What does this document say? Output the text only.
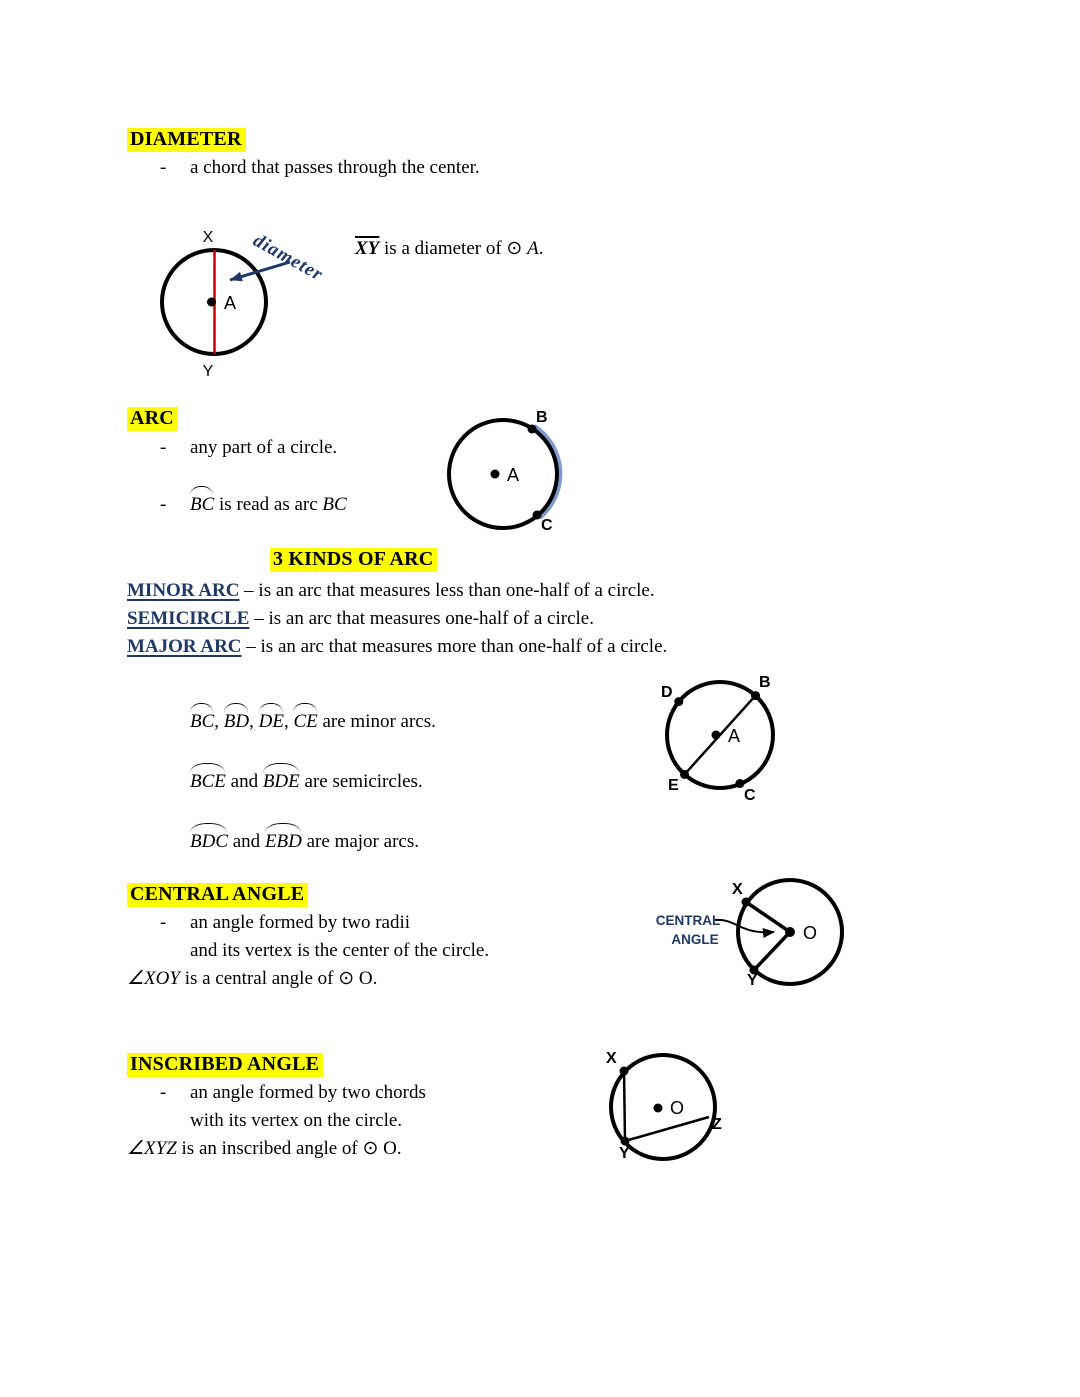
DIAMETER
- a chord that passes through the center.
X
Y
A
diameter $\overline{XY}$ is a diameter of ⊙ A.
ARC
- any part of a circle.
- BC is read as arc BC
B
C
A
3 KINDS OF ARC
MINOR ARC – is an arc that measures less than one-half of a circle.
SEMICIRCLE – is an arc that measures one-half of a circle.
MAJOR ARC – is an arc that measures more than one-half of a circle.
BC, BD, DE, CE are minor arcs.
BCE and BDE are semicircles.
BDC and EBD are major arcs.
D
B
A
E
C
CENTRAL ANGLE
- an angle formed by two radii
and its vertex is the center of the circle.
∠XOY is a central angle of ⊙ O.
X
Y
O
CENTRAL
ANGLE
INSCRIBED ANGLE
- an angle formed by two chords
with its vertex on the circle.
∠XYZ is an inscribed angle of ⊙ O.
X
Y
Z
O
